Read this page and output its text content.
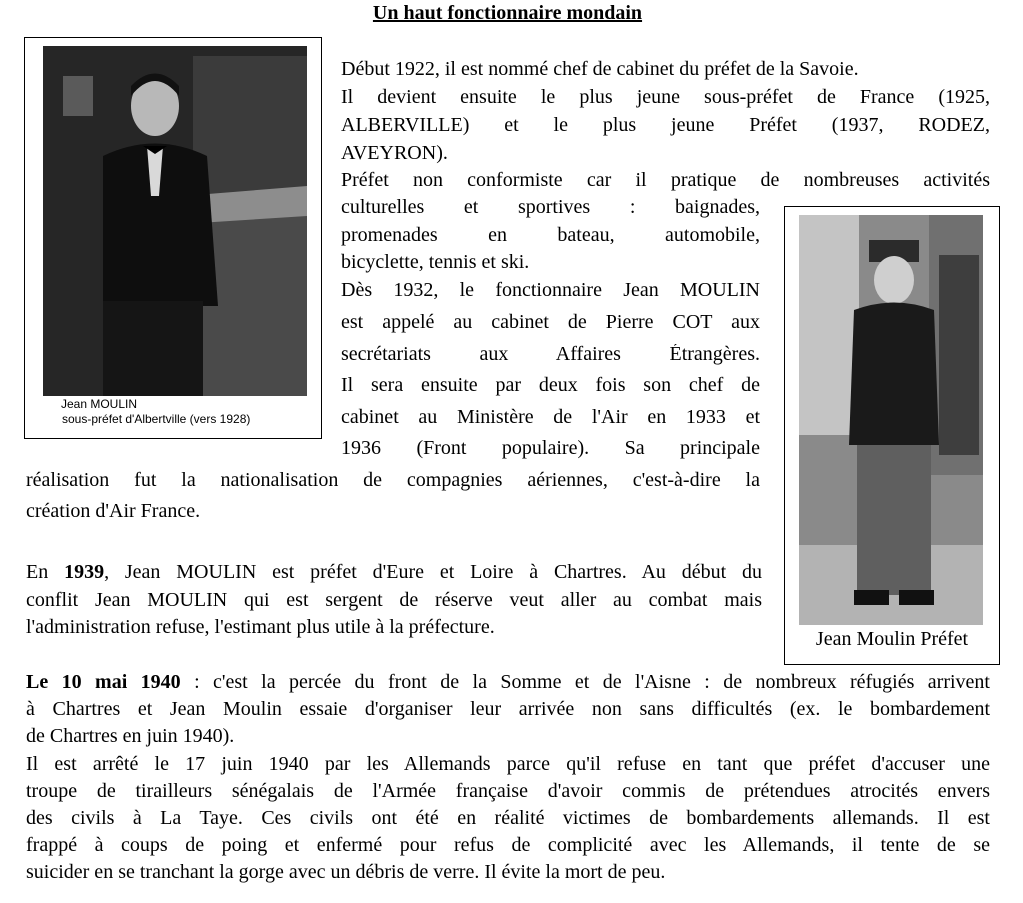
Un haut fonctionnaire mondain
Jean MOULIN
sous-préfet d'Albertville (vers 1928)
Jean Moulin Préfet
Début 1922, il est nommé chef de cabinet du préfet de la Savoie.
Il devient ensuite le plus jeune sous-préfet de France (1925,
ALBERVILLE) et le plus jeune Préfet (1937, RODEZ,
AVEYRON).
Préfet non conformiste car il pratique de nombreuses activités
culturelles et sportives : baignades,
promenades en bateau, automobile,
bicyclette, tennis et ski.
Dès 1932, le fonctionnaire Jean MOULIN
est appelé au cabinet de Pierre COT aux
secrétariats aux Affaires Étrangères.
Il sera ensuite par deux fois son chef de
cabinet au Ministère de l'Air en 1933 et
1936 (Front populaire). Sa principale
réalisation fut la nationalisation de compagnies aériennes, c'est-à-dire la
création d'Air France.
En 1939, Jean MOULIN est préfet d'Eure et Loire à Chartres. Au début du
conflit Jean MOULIN qui est sergent de réserve veut aller au combat mais
l'administration refuse, l'estimant plus utile à la préfecture.
Le 10 mai 1940 : c'est la percée du front de la Somme et de l'Aisne : de nombreux réfugiés arrivent
à Chartres et Jean Moulin essaie d'organiser leur arrivée non sans difficultés (ex. le bombardement
de Chartres en juin 1940).
Il est arrêté le 17 juin 1940 par les Allemands parce qu'il refuse en tant que préfet d'accuser une
troupe de tirailleurs sénégalais de l'Armée française d'avoir commis de prétendues atrocités envers
des civils à La Taye. Ces civils ont été en réalité victimes de bombardements allemands. Il est
frappé à coups de poing et enfermé pour refus de complicité avec les Allemands, il tente de se
suicider en se tranchant la gorge avec un débris de verre. Il évite la mort de peu.
